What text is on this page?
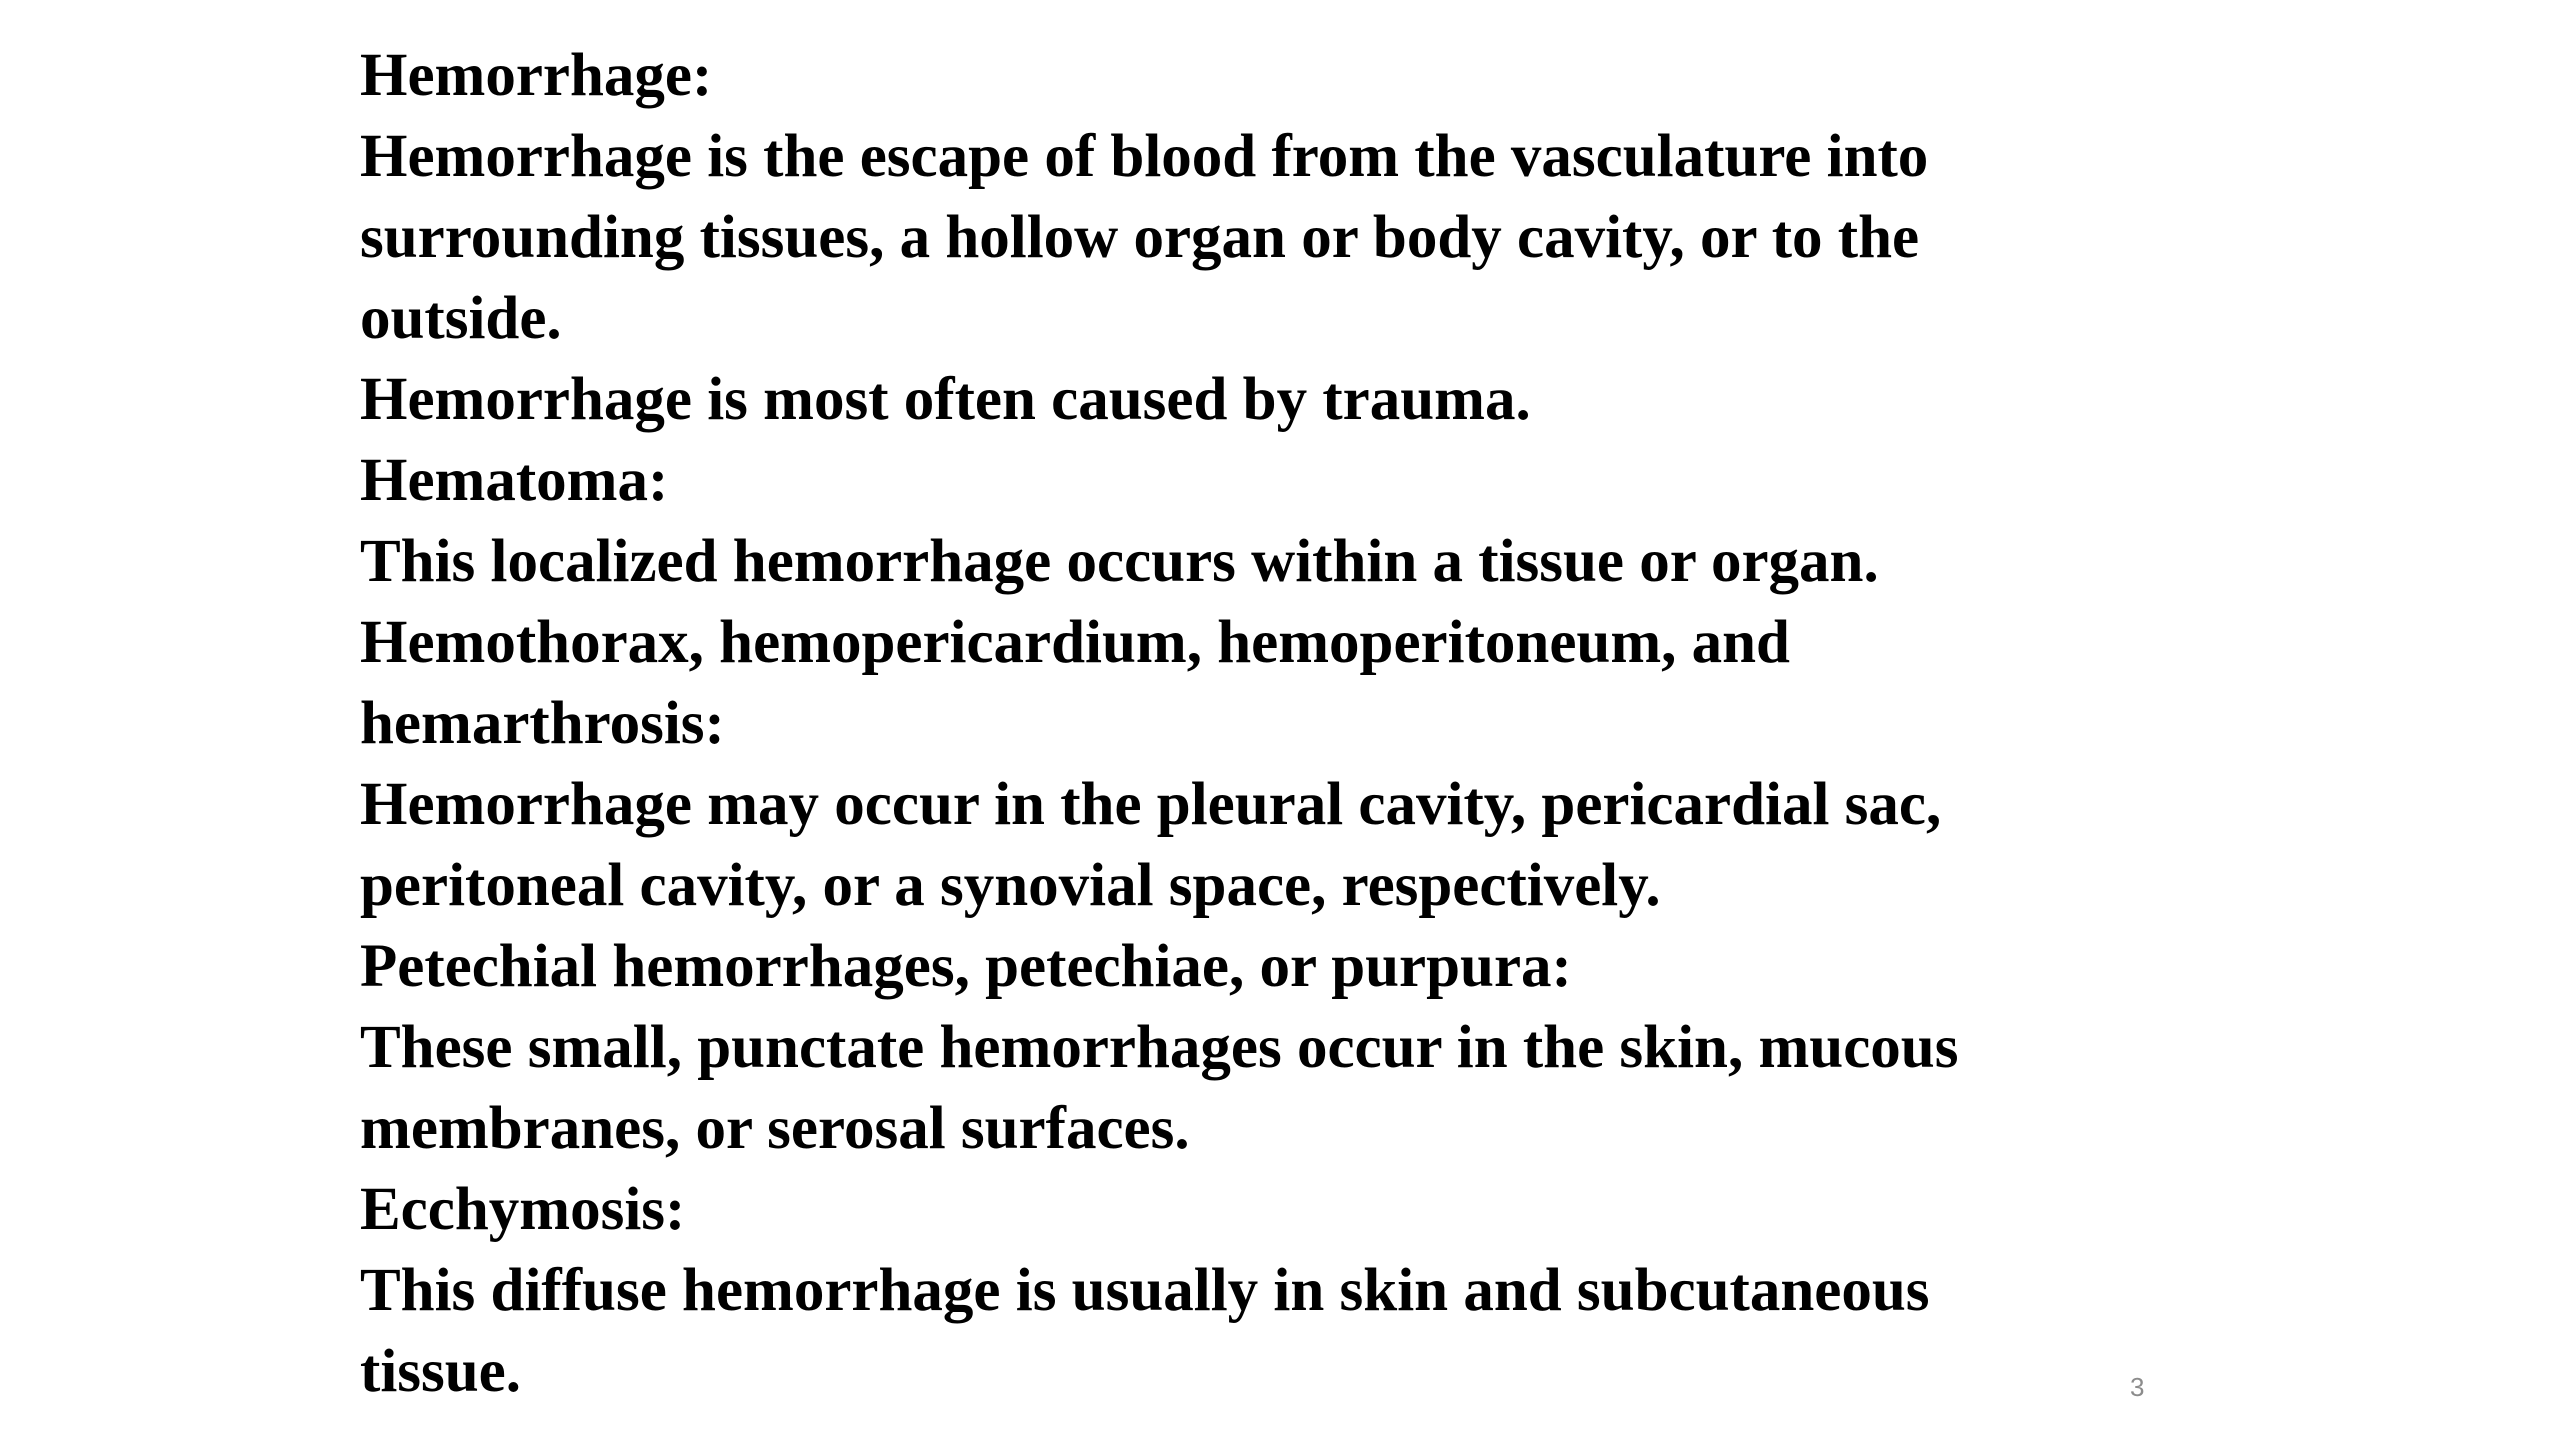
Hemorrhage:
Hemorrhage is the escape of blood from the vasculature into
surrounding tissues, a hollow organ or body cavity, or to the
outside.
Hemorrhage is most often caused by trauma.
Hematoma:
This localized hemorrhage occurs within a tissue or organ.
Hemothorax, hemopericardium, hemoperitoneum, and
hemarthrosis:
Hemorrhage may occur in the pleural cavity, pericardial sac,
peritoneal cavity, or a synovial space, respectively.
Petechial hemorrhages, petechiae, or purpura:
These small, punctate hemorrhages occur in the skin, mucous
membranes, or serosal surfaces.
Ecchymosis:
This diffuse hemorrhage is usually in skin and subcutaneous
tissue.	3
